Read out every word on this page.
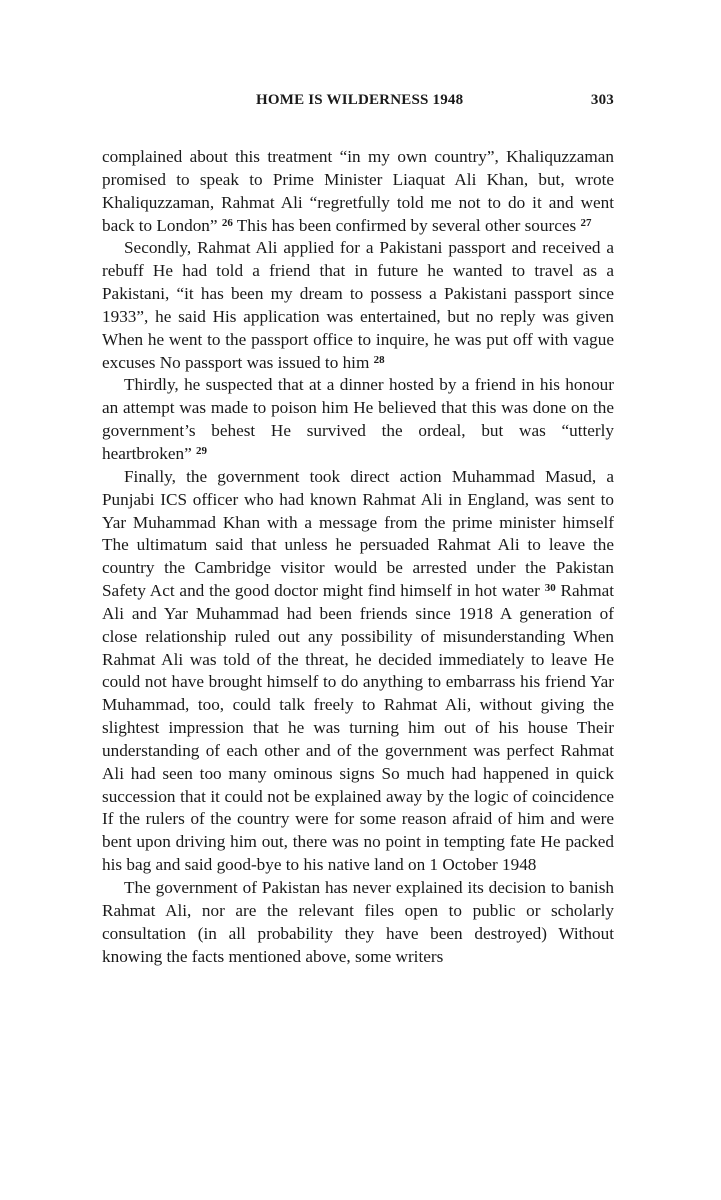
HOME IS WILDERNESS 1948	303

complained about this treatment “in my own country”, Khaliquzzaman promised to speak to Prime Minister Liaquat Ali Khan, but, wrote Khaliquzzaman, Rahmat Ali “regretfully told me not to do it and went back to London” $^{26}$ This has been confirmed by several other sources $^{27}$

Secondly, Rahmat Ali applied for a Pakistani passport and received a rebuff He had told a friend that in future he wanted to travel as a Pakistani, “it has been my dream to possess a Pakistani passport since 1933”, he said His application was entertained, but no reply was given When he went to the passport office to inquire, he was put off with vague excuses No passport was issued to him $^{28}$

Thirdly, he suspected that at a dinner hosted by a friend in his honour an attempt was made to poison him He believed that this was done on the government’s behest He survived the ordeal, but was “utterly heartbroken” $^{29}$

Finally, the government took direct action Muhammad Masud, a Punjabi ICS officer who had known Rahmat Ali in England, was sent to Yar Muhammad Khan with a message from the prime minister himself The ultimatum said that unless he persuaded Rahmat Ali to leave the country the Cambridge visitor would be arrested under the Pakistan Safety Act and the good doctor might find himself in hot water $^{30}$ Rahmat Ali and Yar Muhammad had been friends since 1918 A generation of close relationship ruled out any possibility of misunderstanding When Rahmat Ali was told of the threat, he decided immediately to leave He could not have brought himself to do anything to embarrass his friend Yar Muhammad, too, could talk freely to Rahmat Ali, without giving the slightest impression that he was turning him out of his house Their understanding of each other and of the government was perfect Rahmat Ali had seen too many ominous signs So much had happened in quick succession that it could not be explained away by the logic of coincidence If the rulers of the country were for some reason afraid of him and were bent upon driving him out, there was no point in tempting fate He packed his bag and said good-bye to his native land on 1 October 1948

The government of Pakistan has never explained its decision to banish Rahmat Ali, nor are the relevant files open to public or scholarly consultation (in all probability they have been destroyed) Without knowing the facts mentioned above, some writers
